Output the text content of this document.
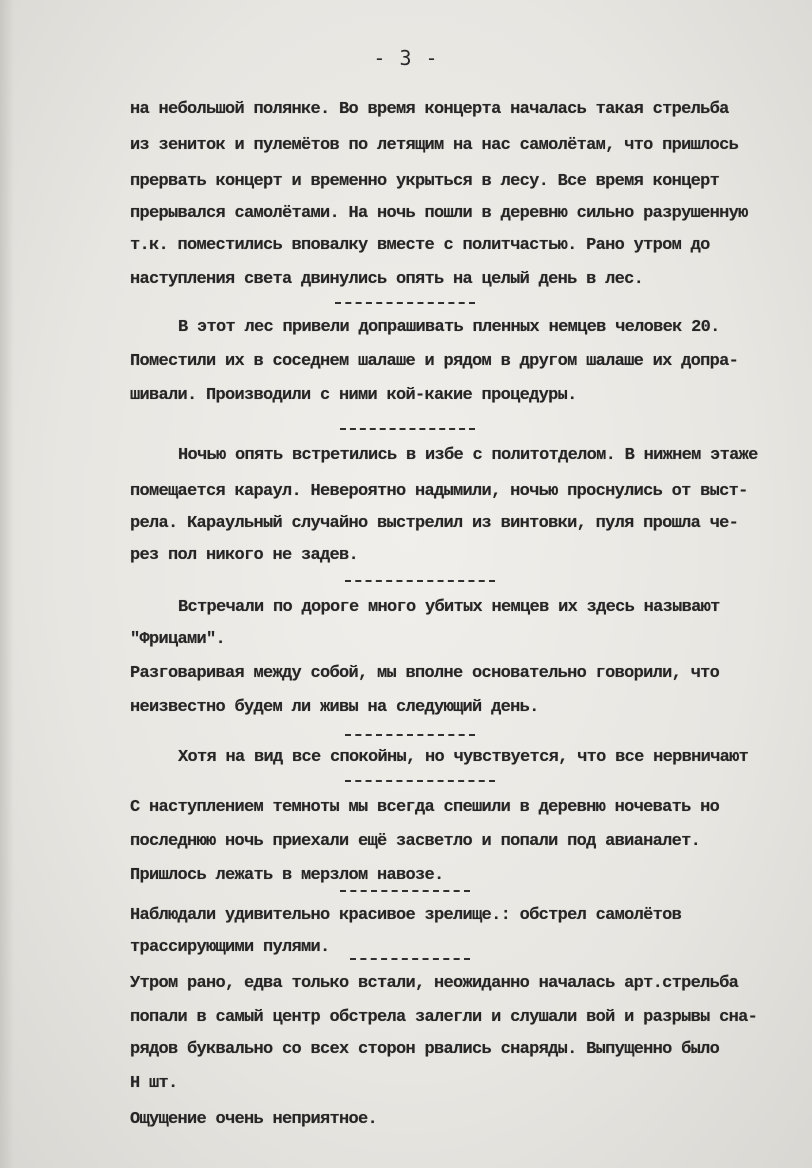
- 3 -
на небольшой полянке. Во время концерта началась такая стрельба
из зениток и пулемётов по летящим на нас самолётам, что пришлось
прервать концерт и временно укрыться в лесу. Все время концерт
прерывался самолётами. На ночь пошли в деревню сильно разрушенную
т.к. поместились вповалку вместе с политчастью. Рано утром до
наступления света двинулись опять на целый день в лес.
В этот лес привели допрашивать пленных немцев человек 20.
Поместили их в соседнем шалаше и рядом в другом шалаше их допра-
шивали. Производили с ними кой-какие процедуры.
Ночью опять встретились в избе с политотделом. В нижнем этаже
помещается караул. Невероятно надымили, ночью проснулись от выст-
рела. Караульный случайно выстрелил из винтовки, пуля прошла че-
рез пол никого не задев.
Встречали по дороге много убитых немцев их здесь называют
"Фрицами".
Разговаривая между собой, мы вполне основательно говорили, что
неизвестно будем ли живы на следующий день.
Хотя на вид все спокойны, но чувствуется, что все нервничают
С наступлением темноты мы всегда спешили в деревню ночевать но
последнюю ночь приехали ещё засветло и попали под авианалет.
Пришлось лежать в мерзлом навозе.
Наблюдали удивительно красивое зрелище.: обстрел самолётов
трассирующими пулями.
Утром рано, едва только встали, неожиданно началась арт.стрельба
попали в самый центр обстрела залегли и слушали вой и разрывы сна-
рядов буквально со всех сторон рвались снаряды. Выпущенно было
Н шт.
Ощущение очень неприятное.
